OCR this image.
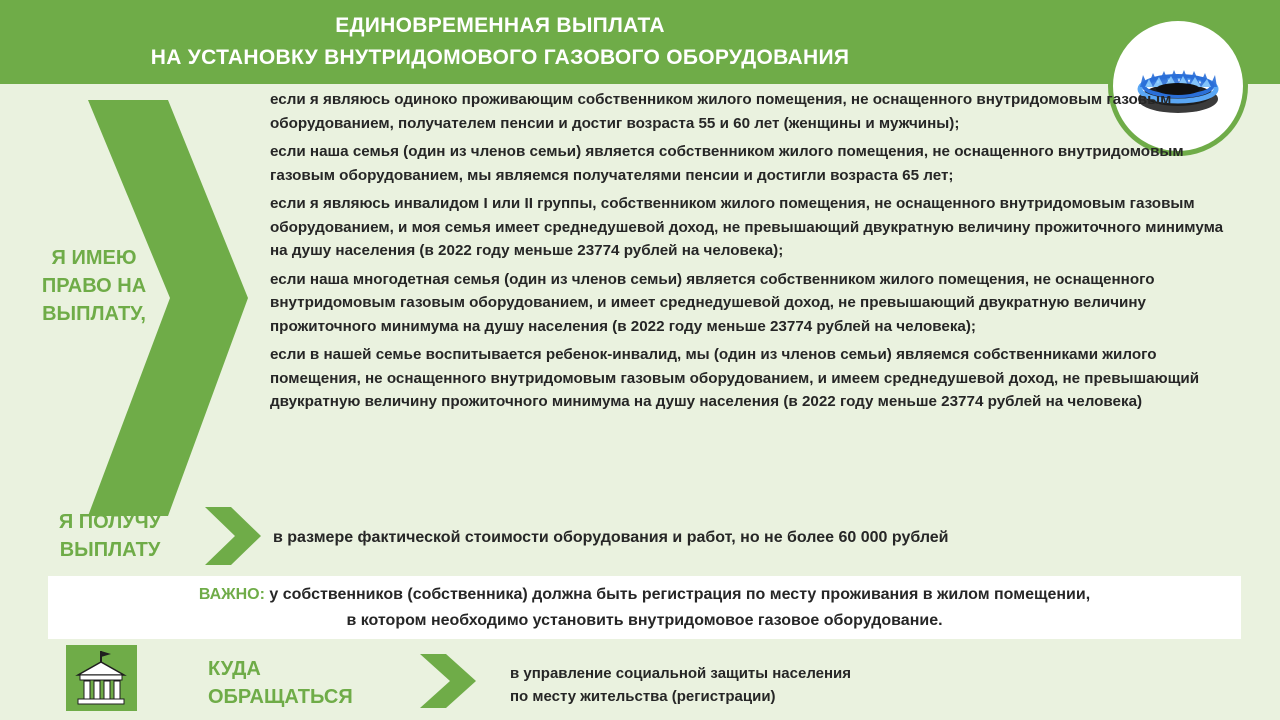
ЕДИНОВРЕМЕННАЯ ВЫПЛАТА
НА УСТАНОВКУ ВНУТРИДОМОВОГО ГАЗОВОГО ОБОРУДОВАНИЯ
Я ИМЕЮ ПРАВО НА ВЫПЛАТУ,
если я являюсь одиноко проживающим собственником жилого помещения, не оснащенного внутридомовым газовым оборудованием, получателем пенсии и достиг возраста 55 и 60 лет (женщины и мужчины);
если наша семья (один из членов семьи) является собственником жилого помещения, не оснащенного внутридомовым газовым оборудованием, мы являемся получателями пенсии и достигли возраста 65 лет;
если я являюсь инвалидом I или II группы, собственником жилого помещения, не оснащенного внутридомовым газовым оборудованием, и моя семья имеет среднедушевой доход, не превышающий двукратную величину прожиточного минимума на душу населения (в 2022 году меньше 23774 рублей на человека);
если наша многодетная семья (один из членов семьи) является собственником жилого помещения, не оснащенного внутридомовым газовым оборудованием, и имеет среднедушевой доход, не превышающий двукратную величину прожиточного минимума на душу населения (в 2022 году меньше 23774 рублей на человека);
если в нашей семье воспитывается ребенок-инвалид, мы (один из членов семьи) являемся собственниками жилого помещения, не оснащенного внутридомовым газовым оборудованием, и имеем среднедушевой доход, не превышающий двукратную величину прожиточного минимума на душу населения (в 2022 году меньше 23774 рублей на человека)
Я ПОЛУЧУ ВЫПЛАТУ
в размере фактической стоимости оборудования и работ, но не более 60 000 рублей
ВАЖНО: у собственников (собственника) должна быть регистрация по месту проживания в жилом помещении,
в котором необходимо установить внутридомовое газовое оборудование.
КУДА ОБРАЩАТЬСЯ
в управление социальной защиты населения
по месту жительства (регистрации)
